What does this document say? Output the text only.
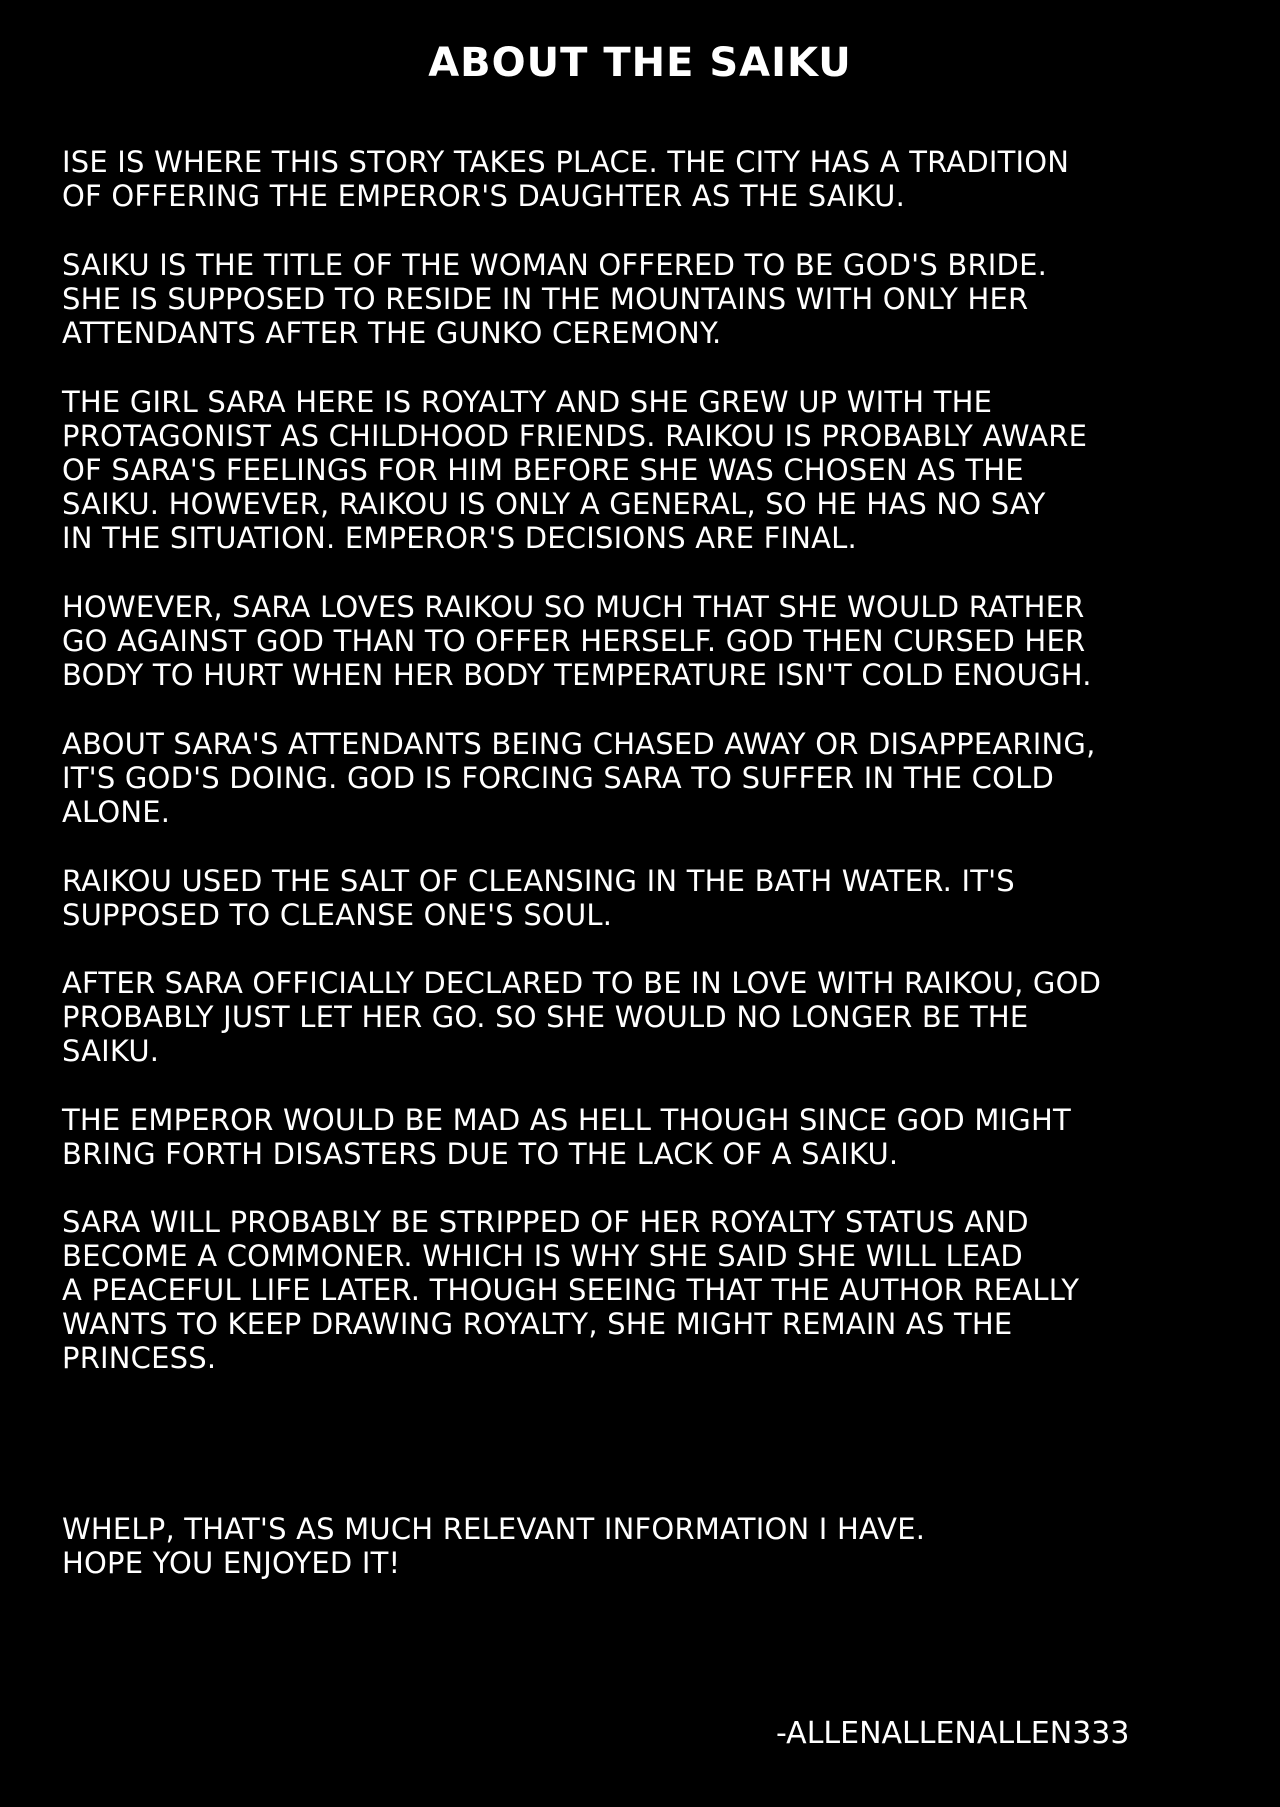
ABOUT THE SAIKU

ISE IS WHERE THIS STORY TAKES PLACE. THE CITY HAS A TRADITION
OF OFFERING THE EMPEROR'S DAUGHTER AS THE SAIKU.

SAIKU IS THE TITLE OF THE WOMAN OFFERED TO BE GOD'S BRIDE.
SHE IS SUPPOSED TO RESIDE IN THE MOUNTAINS WITH ONLY HER
ATTENDANTS AFTER THE GUNKO CEREMONY.

THE GIRL SARA HERE IS ROYALTY AND SHE GREW UP WITH THE
PROTAGONIST AS CHILDHOOD FRIENDS. RAIKOU IS PROBABLY AWARE
OF SARA'S FEELINGS FOR HIM BEFORE SHE WAS CHOSEN AS THE
SAIKU. HOWEVER, RAIKOU IS ONLY A GENERAL, SO HE HAS NO SAY
IN THE SITUATION. EMPEROR'S DECISIONS ARE FINAL.

HOWEVER, SARA LOVES RAIKOU SO MUCH THAT SHE WOULD RATHER
GO AGAINST GOD THAN TO OFFER HERSELF. GOD THEN CURSED HER
BODY TO HURT WHEN HER BODY TEMPERATURE ISN'T COLD ENOUGH.

ABOUT SARA'S ATTENDANTS BEING CHASED AWAY OR DISAPPEARING,
IT'S GOD'S DOING. GOD IS FORCING SARA TO SUFFER IN THE COLD
ALONE.

RAIKOU USED THE SALT OF CLEANSING IN THE BATH WATER. IT'S
SUPPOSED TO CLEANSE ONE'S SOUL.

AFTER SARA OFFICIALLY DECLARED TO BE IN LOVE WITH RAIKOU, GOD
PROBABLY JUST LET HER GO. SO SHE WOULD NO LONGER BE THE
SAIKU.

THE EMPEROR WOULD BE MAD AS HELL THOUGH SINCE GOD MIGHT
BRING FORTH DISASTERS DUE TO THE LACK OF A SAIKU.

SARA WILL PROBABLY BE STRIPPED OF HER ROYALTY STATUS AND
BECOME A COMMONER. WHICH IS WHY SHE SAID SHE WILL LEAD
A PEACEFUL LIFE LATER. THOUGH SEEING THAT THE AUTHOR REALLY
WANTS TO KEEP DRAWING ROYALTY, SHE MIGHT REMAIN AS THE
PRINCESS.

WHELP, THAT'S AS MUCH RELEVANT INFORMATION I HAVE.
HOPE YOU ENJOYED IT!

-ALLENALLENALLEN333
